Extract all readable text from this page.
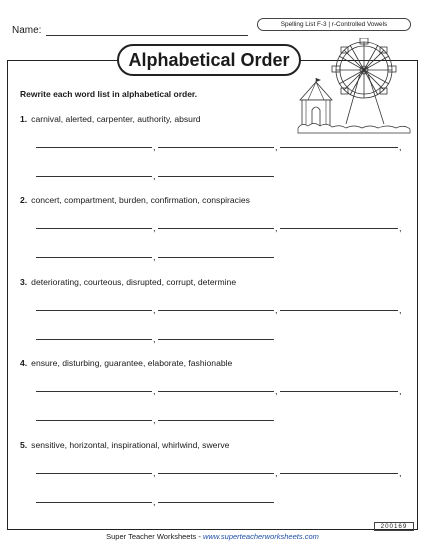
Name:
Spelling List F-3 | r-Controlled Vowels
Alphabetical Order
Rewrite each word list in alphabetical order.
1. carnival, alerted, carpenter, authority, absurd
,	,	,
,
2. concert, compartment, burden, confirmation, conspiracies
,	,	,
,
3. deteriorating, courteous, disrupted, corrupt, determine
,	,	,
,
4. ensure, disturbing, guarantee, elaborate, fashionable
,	,	,
,
5. sensitive, horizontal, inspirational, whirlwind, swerve
,	,	,
,
Super Teacher Worksheets - www.superteacherworksheets.com
200169
